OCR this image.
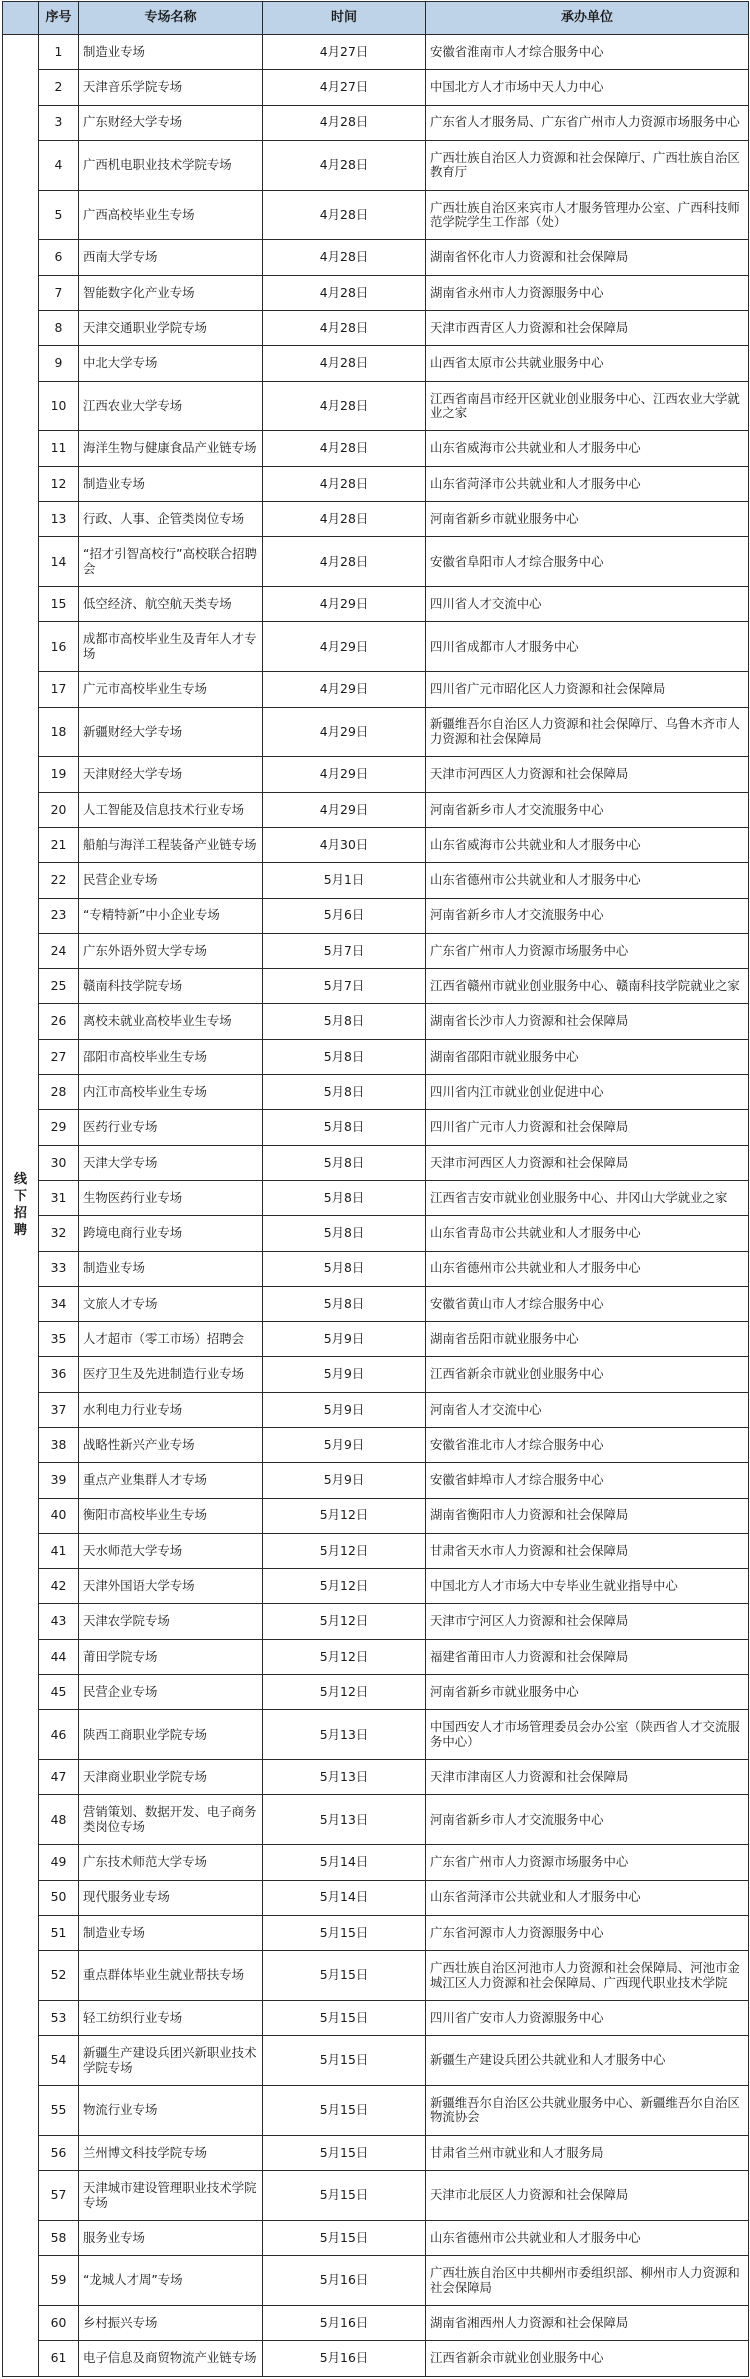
	序号	专场名称	时间	承办单位
线下招聘	1	制造业专场	4月27日	安徽省淮南市人才综合服务中心
	2	天津音乐学院专场	4月27日	中国北方人才市场中天人力中心
	3	广东财经大学专场	4月28日	广东省人才服务局、广东省广州市人力资源市场服务中心
	4	广西机电职业技术学院专场	4月28日	广西壮族自治区人力资源和社会保障厅、广西壮族自治区教育厅
	5	广西高校毕业生专场	4月28日	广西壮族自治区来宾市人才服务管理办公室、广西科技师范学院学生工作部（处）
	6	西南大学专场	4月28日	湖南省怀化市人力资源和社会保障局
	7	智能数字化产业专场	4月28日	湖南省永州市人力资源服务中心
	8	天津交通职业学院专场	4月28日	天津市西青区人力资源和社会保障局
	9	中北大学专场	4月28日	山西省太原市公共就业服务中心
	10	江西农业大学专场	4月28日	江西省南昌市经开区就业创业服务中心、江西农业大学就业之家
	11	海洋生物与健康食品产业链专场	4月28日	山东省威海市公共就业和人才服务中心
	12	制造业专场	4月28日	山东省菏泽市公共就业和人才服务中心
	13	行政、人事、企管类岗位专场	4月28日	河南省新乡市就业服务中心
	14	“招才引智高校行”高校联合招聘会	4月28日	安徽省阜阳市人才综合服务中心
	15	低空经济、航空航天类专场	4月29日	四川省人才交流中心
	16	成都市高校毕业生及青年人才专场	4月29日	四川省成都市人才服务中心
	17	广元市高校毕业生专场	4月29日	四川省广元市昭化区人力资源和社会保障局
	18	新疆财经大学专场	4月29日	新疆维吾尔自治区人力资源和社会保障厅、乌鲁木齐市人力资源和社会保障局
	19	天津财经大学专场	4月29日	天津市河西区人力资源和社会保障局
	20	人工智能及信息技术行业专场	4月29日	河南省新乡市人才交流服务中心
	21	船舶与海洋工程装备产业链专场	4月30日	山东省威海市公共就业和人才服务中心
	22	民营企业专场	5月1日	山东省德州市公共就业和人才服务中心
	23	“专精特新”中小企业专场	5月6日	河南省新乡市人才交流服务中心
	24	广东外语外贸大学专场	5月7日	广东省广州市人力资源市场服务中心
	25	赣南科技学院专场	5月7日	江西省赣州市就业创业服务中心、赣南科技学院就业之家
	26	离校未就业高校毕业生专场	5月8日	湖南省长沙市人力资源和社会保障局
	27	邵阳市高校毕业生专场	5月8日	湖南省邵阳市就业服务中心
	28	内江市高校毕业生专场	5月8日	四川省内江市就业创业促进中心
	29	医药行业专场	5月8日	四川省广元市人力资源和社会保障局
	30	天津大学专场	5月8日	天津市河西区人力资源和社会保障局
	31	生物医药行业专场	5月8日	江西省吉安市就业创业服务中心、井冈山大学就业之家
	32	跨境电商行业专场	5月8日	山东省青岛市公共就业和人才服务中心
	33	制造业专场	5月8日	山东省德州市公共就业和人才服务中心
	34	文旅人才专场	5月8日	安徽省黄山市人才综合服务中心
	35	人才超市（零工市场）招聘会	5月9日	湖南省岳阳市就业服务中心
	36	医疗卫生及先进制造行业专场	5月9日	江西省新余市就业创业服务中心
	37	水利电力行业专场	5月9日	河南省人才交流中心
	38	战略性新兴产业专场	5月9日	安徽省淮北市人才综合服务中心
	39	重点产业集群人才专场	5月9日	安徽省蚌埠市人才综合服务中心
	40	衡阳市高校毕业生专场	5月12日	湖南省衡阳市人力资源和社会保障局
	41	天水师范大学专场	5月12日	甘肃省天水市人力资源和社会保障局
	42	天津外国语大学专场	5月12日	中国北方人才市场大中专毕业生就业指导中心
	43	天津农学院专场	5月12日	天津市宁河区人力资源和社会保障局
	44	莆田学院专场	5月12日	福建省莆田市人力资源和社会保障局
	45	民营企业专场	5月12日	河南省新乡市就业服务中心
	46	陕西工商职业学院专场	5月13日	中国西安人才市场管理委员会办公室（陕西省人才交流服务中心）
	47	天津商业职业学院专场	5月13日	天津市津南区人力资源和社会保障局
	48	营销策划、数据开发、电子商务类岗位专场	5月13日	河南省新乡市人才交流服务中心
	49	广东技术师范大学专场	5月14日	广东省广州市人力资源市场服务中心
	50	现代服务业专场	5月14日	山东省菏泽市公共就业和人才服务中心
	51	制造业专场	5月15日	广东省河源市人力资源服务中心
	52	重点群体毕业生就业帮扶专场	5月15日	广西壮族自治区河池市人力资源和社会保障局、河池市金城江区人力资源和社会保障局、广西现代职业技术学院
	53	轻工纺织行业专场	5月15日	四川省广安市人力资源服务中心
	54	新疆生产建设兵团兴新职业技术学院专场	5月15日	新疆生产建设兵团公共就业和人才服务中心
	55	物流行业专场	5月15日	新疆维吾尔自治区公共就业服务中心、新疆维吾尔自治区物流协会
	56	兰州博文科技学院专场	5月15日	甘肃省兰州市就业和人才服务局
	57	天津城市建设管理职业技术学院专场	5月15日	天津市北辰区人力资源和社会保障局
	58	服务业专场	5月15日	山东省德州市公共就业和人才服务中心
	59	“龙城人才周”专场	5月16日	广西壮族自治区中共柳州市委组织部、柳州市人力资源和社会保障局
	60	乡村振兴专场	5月16日	湖南省湘西州人力资源和社会保障局
	61	电子信息及商贸物流产业链专场	5月16日	江西省新余市就业创业服务中心
